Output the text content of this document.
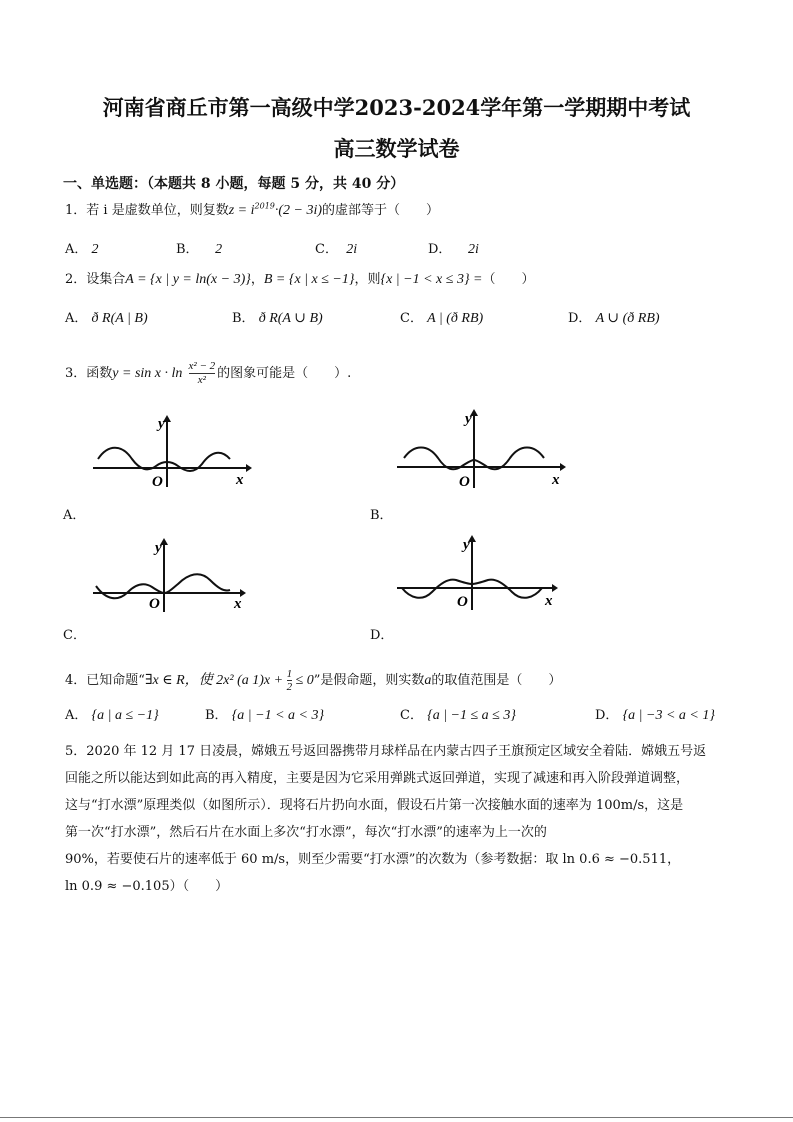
河南省商丘市第一高级中学2023-2024学年第一学期期中考试
高三数学试卷
一、单选题：（本题共 8 小题，每题 5 分，共 40 分）
1．若 i 是虚数单位，则复数$z = i^{2019}\cdot(2 - 3i)$的虚部等于（　　）
A． 2	B． 2	C． 2i	D． 2i
2．设集合A = {x | y = ln(x − 3)}，B = {x | x ≤ −1}，则{x | −1 < x ≤ 3} =（　　）
A． ð R(A | B)	B． ð R(A ∪ B)	C． A | (ð RB)	D． A ∪ (ð RB)
3．函数$y = \sin x \cdot \ln \frac{\text{x² − 2}}{\text{x²}}$ 的图象可能是（　　）.
y
x
O
A．
y
x
O
B．
y
x
O
C．
y
x
O
D．
4．已知命题“∃x ∈ R，使 2x² (a $1)x + \frac{1}{2} \le 0$”是假命题，则实数a的取值范围是（　　）
A． {a | a ≤ −1}	B． {a | −1 < a < 3}	C． {a | −1 ≤ a ≤ 3}	D． {a | −3 < a < 1}
5．2020 年 12 月 17 日凌晨，嫦娥五号返回器携带月球样品在内蒙古四子王旗预定区域安全着陆．嫦娥五号返
回能之所以能达到如此高的再入精度，主要是因为它采用弹跳式返回弹道，实现了减速和再入阶段弹道调整，
这与“打水漂”原理类似（如图所示）．现将石片扔向水面，假设石片第一次接触水面的速率为 100m/s，这是
第一次“打水漂”，然后石片在水面上多次“打水漂”，每次“打水漂”的速率为上一次的
90%，若要使石片的速率低于 60 m/s，则至少需要“打水漂”的次数为（参考数据：取 ln 0.6 ≈ −0.511，
ln 0.9 ≈ −0.105）（　　）
